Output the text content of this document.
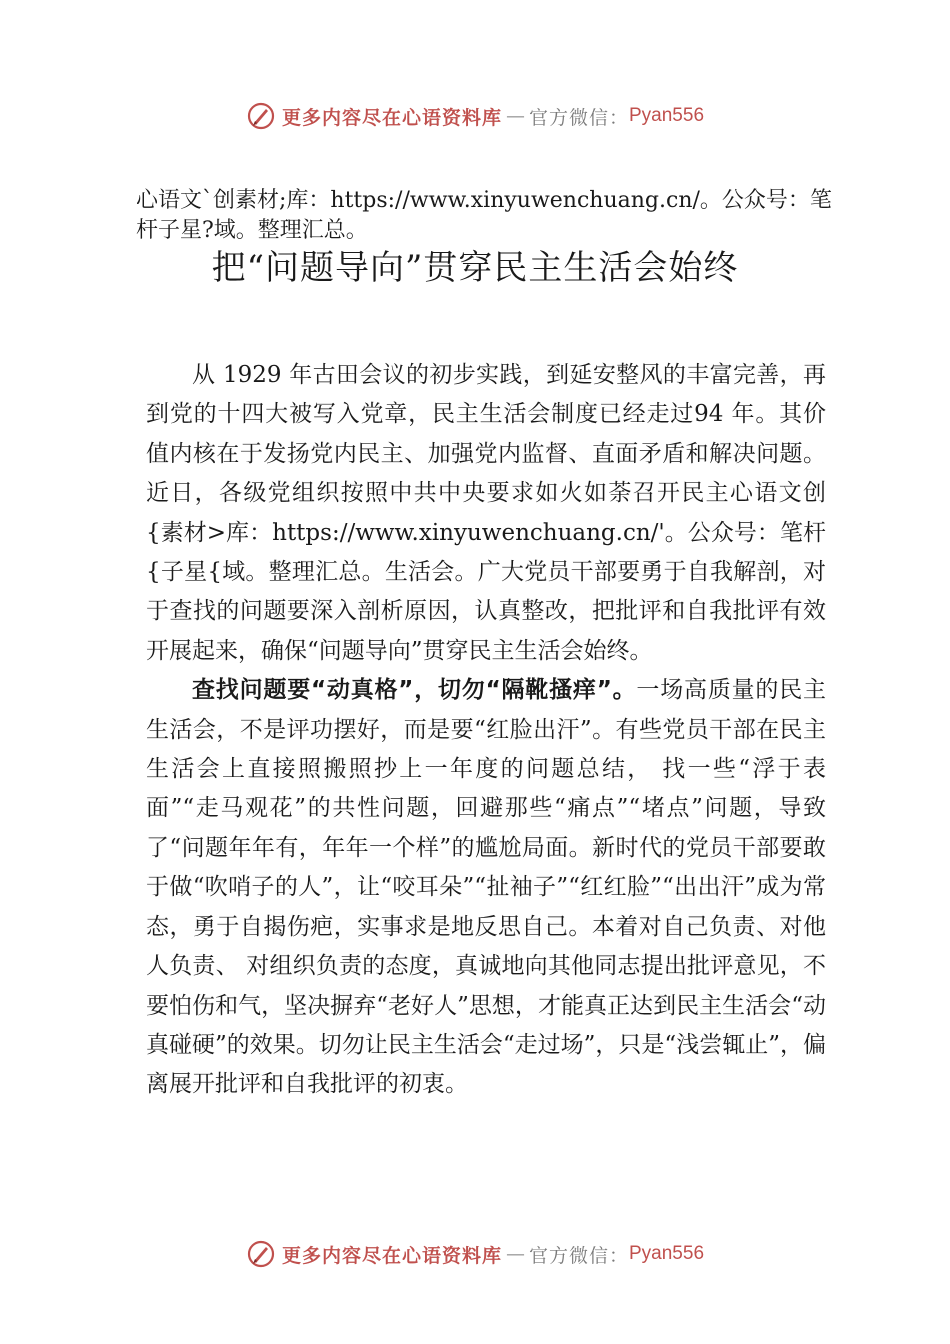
更多内容尽在心语资料库 — 官方微信： Pyan556

心语文`创素材;库：https://www.xinyuwenchuang.cn/。公众号：笔杆子星?域。整理汇总。

把“问题导向”贯穿民主生活会始终

从 1929 年古田会议的初步实践，到延安整风的丰富完善，再到党的十四大被写入党章，民主生活会制度已经走过94 年。其价值内核在于发扬党内民主、加强党内监督、直面矛盾和解决问题。近日，各级党组织按照中共中央要求如火如荼召开民主心语文创{素材>库：https://www.xinyuwenchuang.cn/'。公众号：笔杆{子星{域。整理汇总。生活会。广大党员干部要勇于自我解剖，对于查找的问题要深入剖析原因，认真整改，把批评和自我批评有效开展起来，确保“问题导向”贯穿民主生活会始终。

查找问题要“动真格”，切勿“隔靴搔痒”。一场高质量的民主生活会，不是评功摆好，而是要“红脸出汗”。有些党员干部在民主生活会上直接照搬照抄上一年度的问题总结， 找一些“浮于表面”“走马观花”的共性问题，回避那些“痛点”“堵点”问题，导致了“问题年年有，年年一个样”的尴尬局面。新时代的党员干部要敢于做“吹哨子的人”，让“咬耳朵”“扯袖子”“红红脸”“出出汗”成为常态，勇于自揭伤疤，实事求是地反思自己。本着对自己负责、对他人负责、 对组织负责的态度，真诚地向其他同志提出批评意见，不要怕伤和气，坚决摒弃“老好人”思想，才能真正达到民主生活会“动真碰硬”的效果。切勿让民主生活会“走过场”，只是“浅尝辄止”，偏离展开批评和自我批评的初衷。

更多内容尽在心语资料库 — 官方微信： Pyan556
